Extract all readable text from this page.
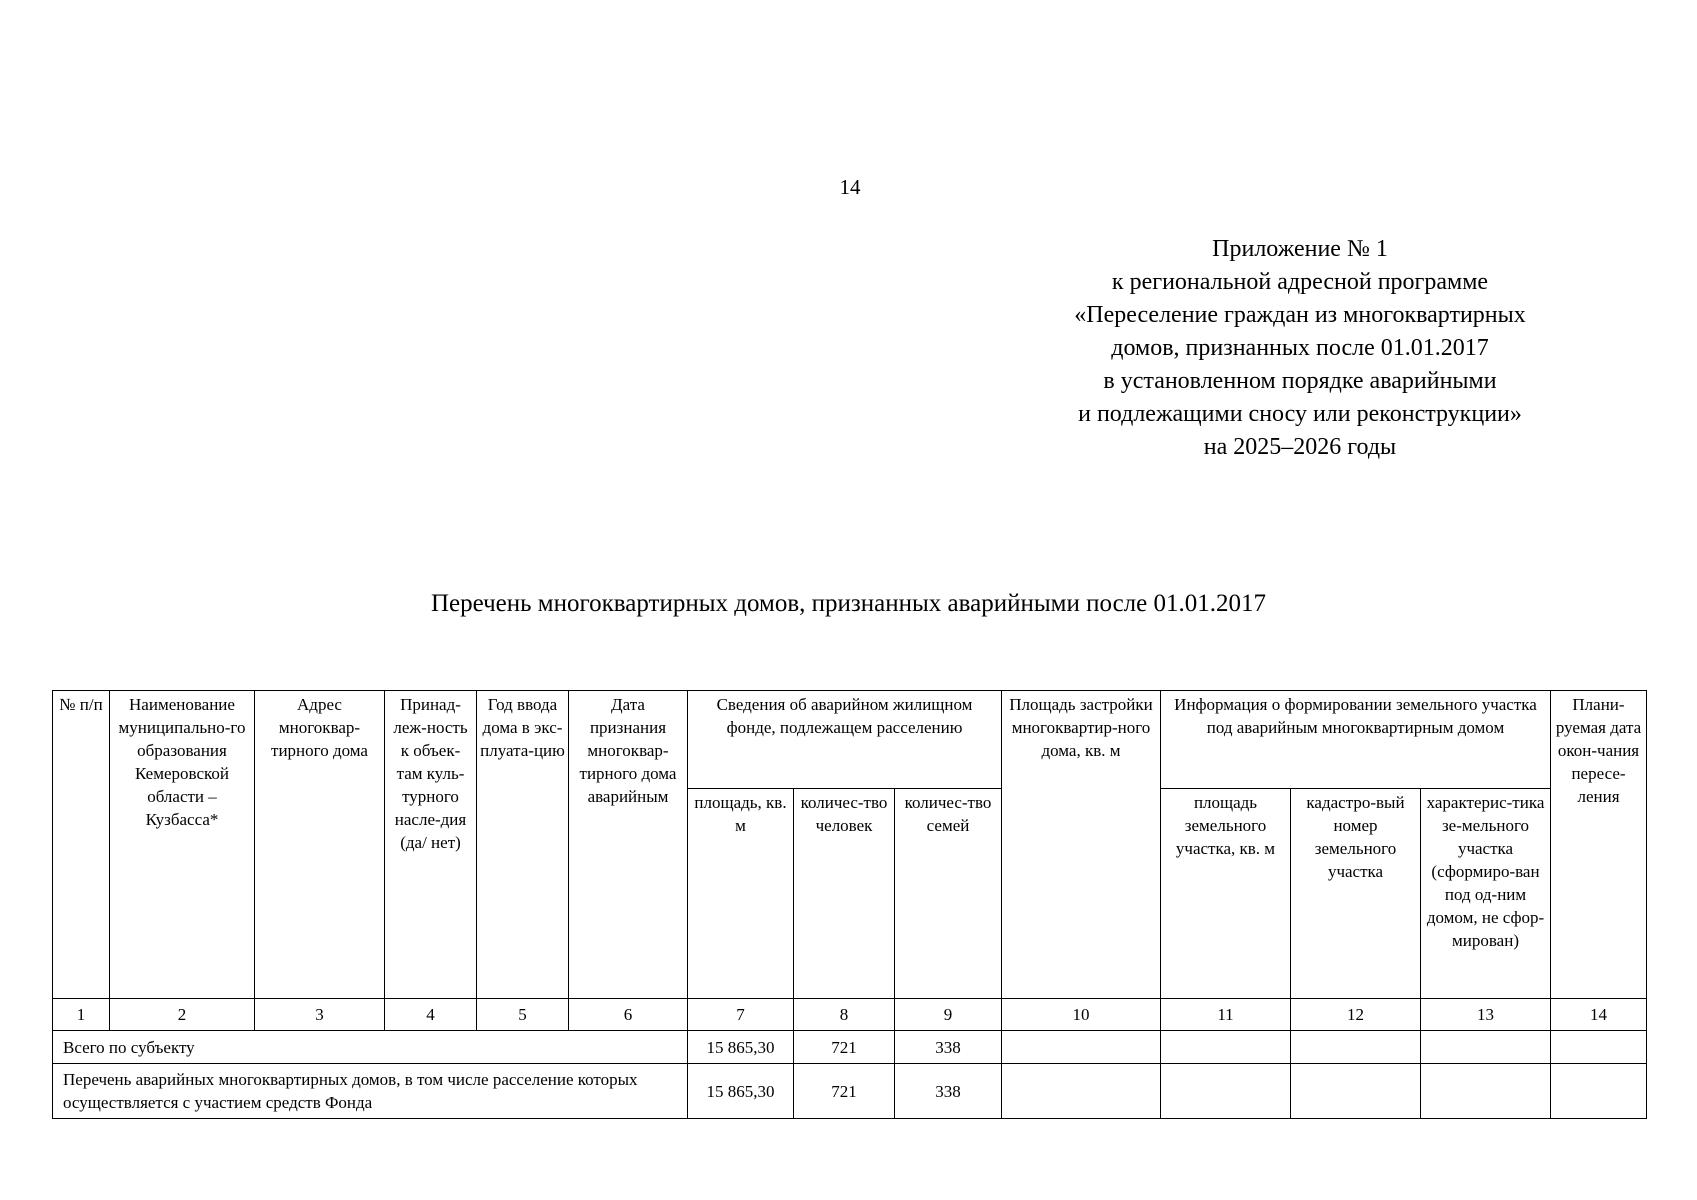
14
Приложение № 1
к региональной адресной программе
«Переселение граждан из многоквартирных
домов, признанных после 01.01.2017
в установленном порядке аварийными
и подлежащими сносу или реконструкции»
на 2025–2026 годы
Перечень многоквартирных домов, признанных аварийными после 01.01.2017
№ п/п	Наименование муниципально-го образования Кемеровской области – Кузбасса*	Адрес многоквар-тирного дома	Принад-леж-ность к объек-там куль-турного насле-дия (да/ нет)	Год ввода дома в экс-плуата-цию	Дата признания многоквар-тирного дома аварийным	Сведения об аварийном жилищном фонде, подлежащем расселению			Площадь застройки многоквартир-ного дома, кв. м	Информация о формировании земельного участка под аварийным многоквартирным домом			Плани-руемая дата окон-чания пересе-ления
						площадь, кв. м	количес-тво человек	количес-тво семей		площадь земельного участка, кв. м	кадастро-вый номер земельного участка	характерис-тика зе-мельного участка (сформиро-ван под од-ним домом, не сфор-мирован)	
1	2	3	4	5	6	7	8	9	10	11	12	13	14
Всего по субъекту						15 865,30	721	338					
Перечень аварийных многоквартирных домов, в том числе расселение которых осуществляется с участием средств Фонда						15 865,30	721	338					
